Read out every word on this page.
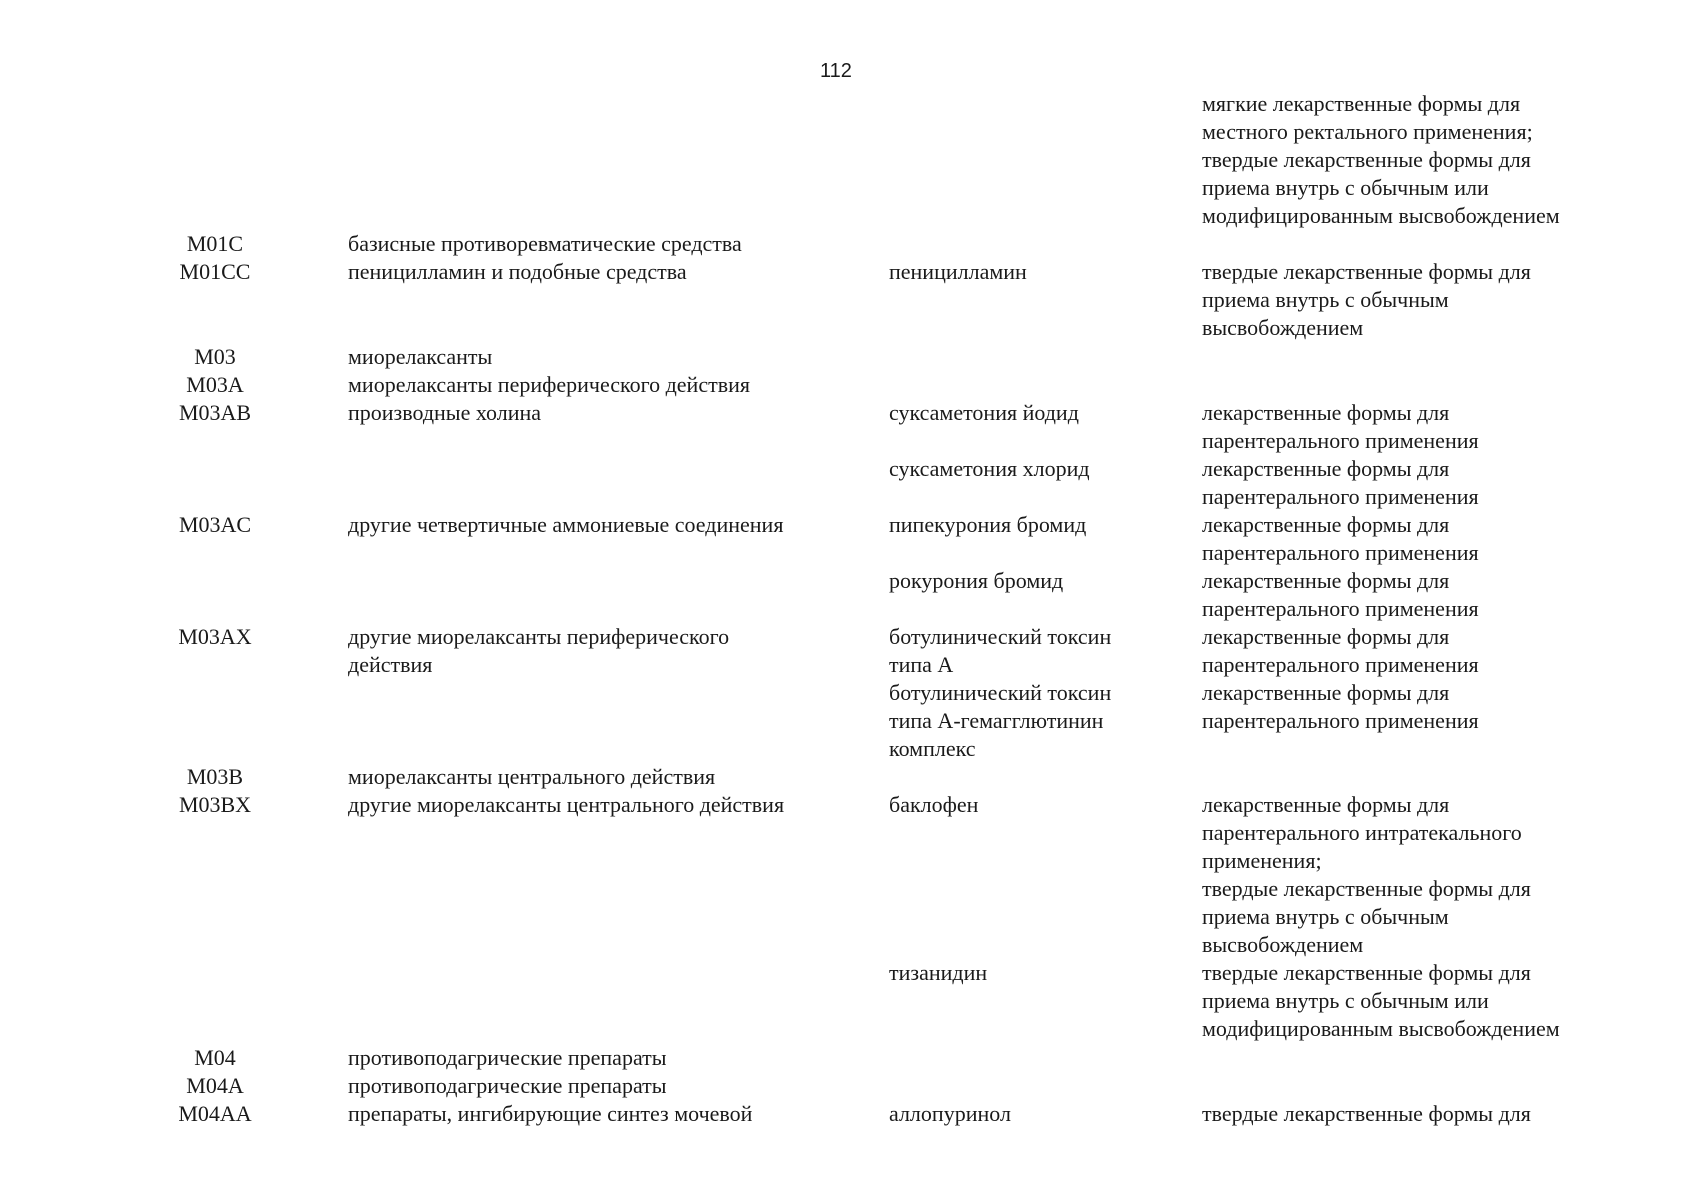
112
M01C
M01CC
M03
M03A
M03AB
M03AC
M03AX
M03B
M03BX
M04
M04A
M04AA
базисные противоревматические средства
пеницилламин и подобные средства
миорелаксанты
миорелаксанты периферического действия
производные холина
другие четвертичные аммониевые соединения
другие миорелаксанты периферического
действия
миорелаксанты центрального действия
другие миорелаксанты центрального действия
противоподагрические препараты
противоподагрические препараты
препараты, ингибирующие синтез мочевой
пеницилламин
суксаметония йодид
суксаметония хлорид
пипекурония бромид
рокурония бромид
ботулинический токсин
типа А
ботулинический токсин
типа А-гемагглютинин
комплекс
баклофен
тизанидин
аллопуринол
мягкие лекарственные формы для
местного ректального применения;
твердые лекарственные формы для
приема внутрь с обычным или
модифицированным высвобождением
твердые лекарственные формы для
приема внутрь с обычным
высвобождением
лекарственные формы для
парентерального применения
лекарственные формы для
парентерального применения
лекарственные формы для
парентерального применения
лекарственные формы для
парентерального применения
лекарственные формы для
парентерального применения
лекарственные формы для
парентерального применения
лекарственные формы для
парентерального интратекального
применения;
твердые лекарственные формы для
приема внутрь с обычным
высвобождением
твердые лекарственные формы для
приема внутрь с обычным или
модифицированным высвобождением
твердые лекарственные формы для
